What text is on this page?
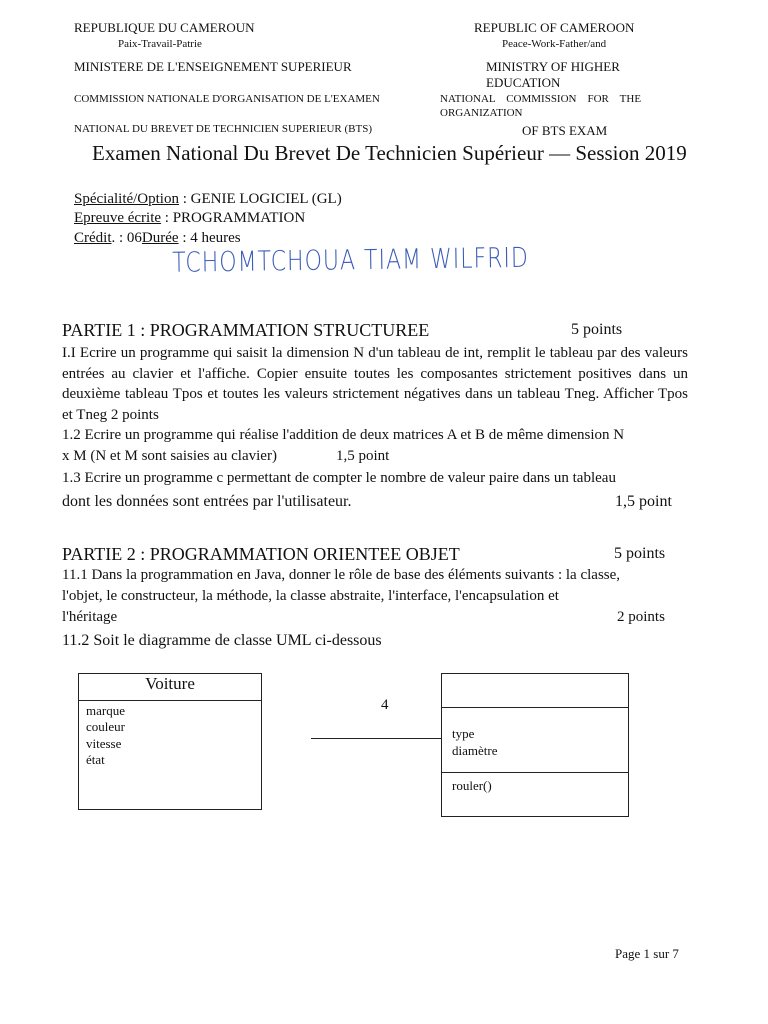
REPUBLIQUE DU CAMEROUN
Paix-Travail-Patrie
MINISTERE DE L'ENSEIGNEMENT SUPERIEUR
COMMISSION NATIONALE D'ORGANISATION DE L'EXAMEN
NATIONAL DU BREVET DE TECHNICIEN SUPERIEUR (BTS)
REPUBLIC OF CAMEROON
Peace-Work-Father/and
MINISTRY OF HIGHER
EDUCATION
NATIONAL    COMMISSION    FOR    THE
ORGANIZATION
OF BTS EXAM
Examen National Du Brevet De Technicien Supérieur — Session 2019
Spécialité/Option : GENIE LOGICIEL (GL)
Epreuve écrite : PROGRAMMATION
Crédit. : 06Durée : 4 heures
TCHOMTCHOUA TIAM WILFRID
PARTIE 1 : PROGRAMMATION STRUCTUREE	5 points
I.I Ecrire un programme qui saisit la dimension N d'un tableau de int, remplit le tableau par des valeurs entrées au clavier et l'affiche. Copier ensuite toutes les composantes strictement positives dans un deuxième tableau Tpos et toutes les valeurs strictement négatives dans un tableau Tneg. Afficher Tpos et Tneg 2 points
1.2 Ecrire un programme qui réalise l'addition de deux matrices A et B de même dimension N
x M (N et M sont saisies au clavier)	1,5 point
1.3 Ecrire un programme c permettant de compter le nombre de valeur paire dans un tableau
dont les données sont entrées par l'utilisateur.	1,5 point
PARTIE 2 : PROGRAMMATION ORIENTEE OBJET	5 points
11.1 Dans la programmation en Java, donner le rôle de base des éléments suivants : la classe,
l'objet, le constructeur, la méthode, la classe abstraite, l'interface, l'encapsulation et
l'héritage	2 points
11.2 Soit le diagramme de classe UML ci-dessous
Voiture
marque
couleur
vitesse
état
4
type
diamètre
rouler()
Page 1 sur 7
